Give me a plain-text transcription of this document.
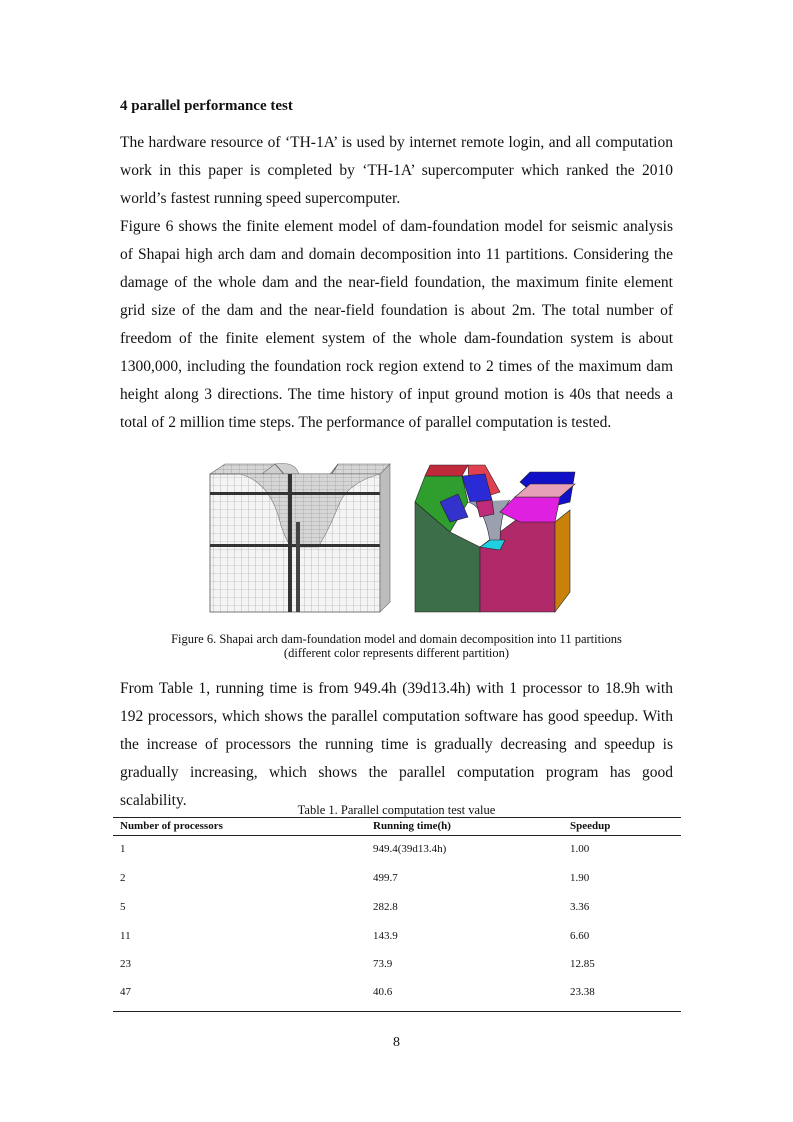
4 parallel performance test

The hardware resource of ‘TH-1A’ is used by internet remote login, and all computation work in this paper is completed by ‘TH-1A’ supercomputer which ranked the 2010 world’s fastest running speed supercomputer.

Figure 6 shows the finite element model of dam-foundation model for seismic analysis of Shapai high arch dam and domain decomposition into 11 partitions. Considering the damage of the whole dam and the near-field foundation, the maximum finite element grid size of the dam and the near-field foundation is about 2m. The total number of freedom of the finite element system of the whole dam-foundation system is about 1300,000, including the foundation rock region extend to 2 times of the maximum dam height along 3 directions. The time history of input ground motion is 40s that needs a total of 2 million time steps. The performance of parallel computation is tested.

Figure 6. Shapai arch dam-foundation model and domain decomposition into 11 partitions
(different color represents different partition)

From Table 1, running time is from 949.4h (39d13.4h) with 1 processor to 18.9h with 192 processors, which shows the parallel computation software has good speedup. With the increase of processors the running time is gradually decreasing and speedup is gradually increasing, which shows the parallel computation program has good scalability.

Table 1. Parallel computation test value
Number of processors	Running time(h)	Speedup
1	949.4(39d13.4h)	1.00
2	499.7	1.90
5	282.8	3.36
11	143.9	6.60
23	73.9	12.85
47	40.6	23.38
8
